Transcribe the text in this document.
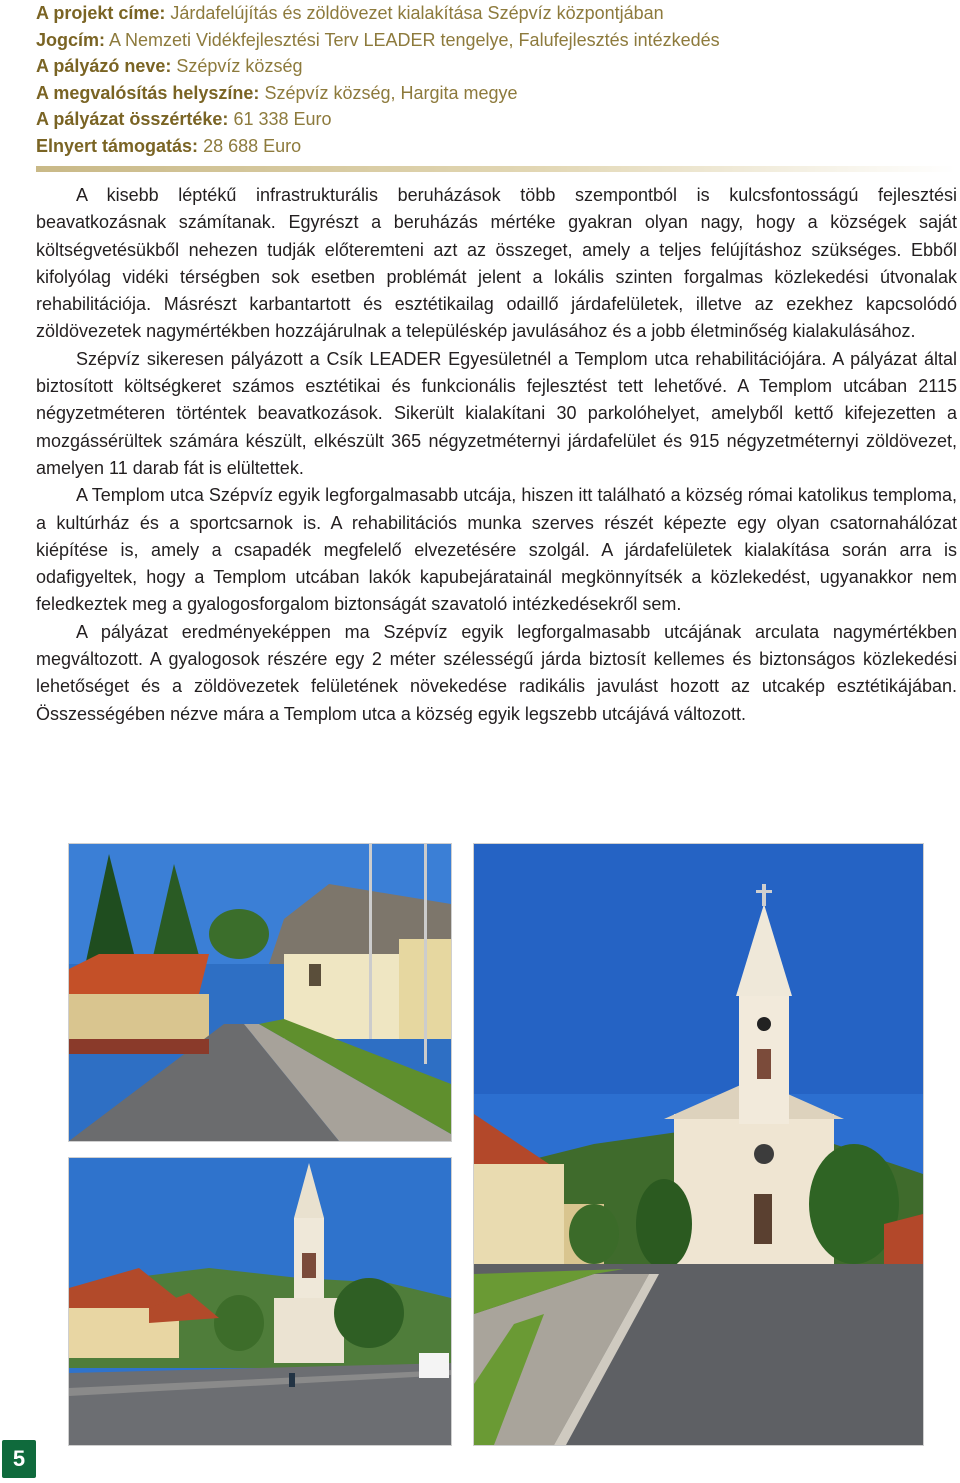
A projekt címe: Járdafelújítás és zöldövezet kialakítása Szépvíz központjában
Jogcím: A Nemzeti Vidékfejlesztési Terv LEADER tengelye, Falufejlesztés intézkedés
A pályázó neve: Szépvíz község
A megvalósítás helyszíne: Szépvíz község, Hargita megye
A pályázat összértéke: 61 338 Euro
Elnyert támogatás: 28 688 Euro

A kisebb léptékű infrastrukturális beruházások több szempontból is kulcsfontosságú fejlesztési beavatkozásnak számítanak. Egyrészt a beruházás mértéke gyakran olyan nagy, hogy a községek saját költségvetésükből nehezen tudják előteremteni azt az összeget, amely a teljes felújításhoz szükséges. Ebből kifolyólag vidéki térségben sok esetben problémát jelent a lokális szinten forgalmas közlekedési útvonalak rehabilitációja. Másrészt karbantartott és esztétikailag odaillő járdafelületek, illetve az ezekhez kapcsolódó zöldövezetek nagymértékben hozzájárulnak a településkép javulásához és a jobb életminőség kialakulásához.

Szépvíz sikeresen pályázott a Csík LEADER Egyesületnél a Templom utca rehabilitációjára. A pályázat által biztosított költségkeret számos esztétikai és funkcionális fejlesztést tett lehetővé. A Templom utcában 2115 négyzetméteren történtek beavatkozások. Sikerült kialakítani 30 parkolóhelyet, amelyből kettő kifejezetten a mozgássérültek számára készült, elkészült 365 négyzetméternyi járdafelület és 915 négyzetméternyi zöldövezet, amelyen 11 darab fát is elültettek.

A Templom utca Szépvíz egyik legforgalmasabb utcája, hiszen itt található a község római katolikus temploma, a kultúrház és a sportcsarnok is. A rehabilitációs munka szerves részét képezte egy olyan csatornahálózat kiépítése is, amely a csapadék megfelelő elvezetésére szolgál. A járdafelületek kialakítása során arra is odafigyeltek, hogy a Templom utcában lakók kapubejáratainál megkönnyítsék a közlekedést, ugyanakkor nem feledkeztek meg a gyalogosforgalom biztonságát szavatoló intézkedésekről sem.

A pályázat eredményeképpen ma Szépvíz egyik legforgalmasabb utcájának arculata nagymértékben megváltozott. A gyalogosok részére egy 2 méter szélességű járda biztosít kellemes és biztonságos közlekedési lehetőséget és a zöldövezetek felületének növekedése radikális javulást hozott az utcakép esztétikájában. Összességében nézve mára a Templom utca a község egyik legszebb utcájává változott.

5
